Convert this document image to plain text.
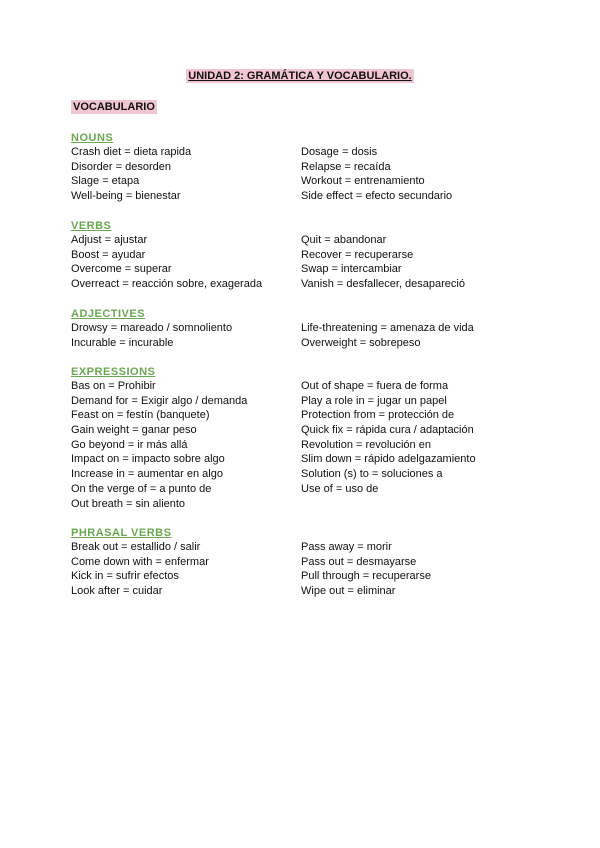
UNIDAD 2: GRAMÁTICA Y VOCABULARIO.
VOCABULARIO
NOUNS
Crash diet = dieta rapida
Disorder = desorden
Slage = etapa
Well-being = bienestar
Dosage = dosis
Relapse = recaída
Workout = entrenamiento
Side effect = efecto secundario
VERBS
Adjust = ajustar
Boost = ayudar
Overcome = superar
Overreact = reacción sobre, exagerada
Quit = abandonar
Recover = recuperarse
Swap = intercambiar
Vanish = desfallecer, desapareció
ADJECTIVES
Drowsy = mareado / somnoliento
Incurable = incurable
Life-threatening = amenaza de vida
Overweight = sobrepeso
EXPRESSIONS
Bas on = Prohibir
Demand for = Exigir algo / demanda
Feast on = festín (banquete)
Gain weight = ganar peso
Go beyond = ir más allá
Impact on = impacto sobre algo
Increase in = aumentar en algo
On the verge of = a punto de
Out breath = sin aliento
Out of shape = fuera de forma
Play a role in = jugar un papel
Protection from = protección de
Quick fix = rápida cura / adaptación
Revolution = revolución en
Slim down = rápido adelgazamiento
Solution (s) to = soluciones a
Use of = uso de
PHRASAL VERBS
Break out = estallido / salir
Come down with = enfermar
Kick in = sufrir efectos
Look after = cuidar
Pass away = morir
Pass out = desmayarse
Pull through = recuperarse
Wipe out = eliminar
